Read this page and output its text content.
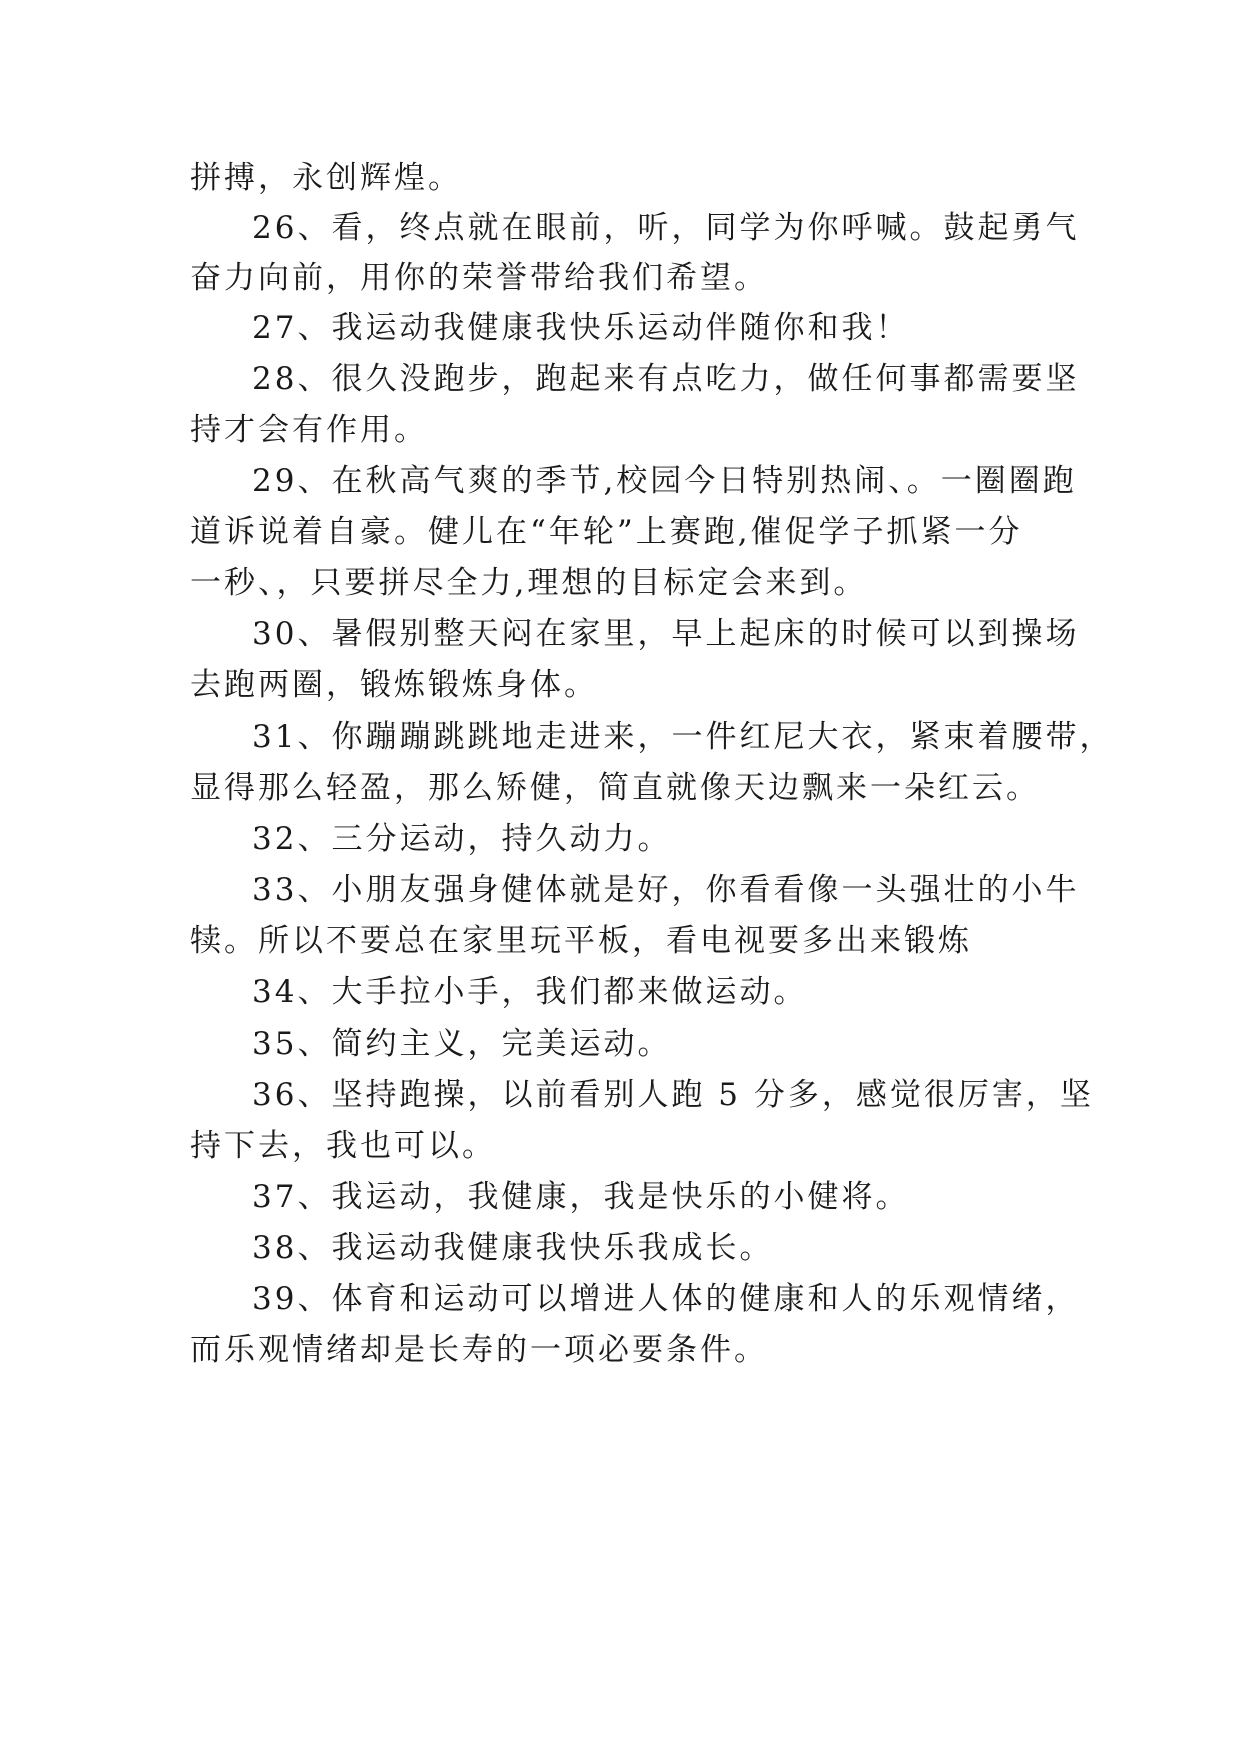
拼搏，永创辉煌。
26、看，终点就在眼前，听，同学为你呼喊。鼓起勇气
奋力向前，用你的荣誉带给我们希望。
27、我运动我健康我快乐运动伴随你和我！
28、很久没跑步，跑起来有点吃力，做任何事都需要坚
持才会有作用。
29、在秋高气爽的季节,校园今日特别热闹、。一圈圈跑
道诉说着自豪。健儿在“年轮”上赛跑,催促学子抓紧一分
一秒、，只要拼尽全力,理想的目标定会来到。
30、暑假别整天闷在家里，早上起床的时候可以到操场
去跑两圈，锻炼锻炼身体。
31、你蹦蹦跳跳地走进来，一件红尼大衣，紧束着腰带，
显得那么轻盈，那么矫健，简直就像天边飘来一朵红云。
32、三分运动，持久动力。
33、小朋友强身健体就是好，你看看像一头强壮的小牛
犊。所以不要总在家里玩平板，看电视要多出来锻炼
34、大手拉小手，我们都来做运动。
35、简约主义，完美运动。
36、坚持跑操，以前看别人跑 5 分多，感觉很厉害，坚
持下去，我也可以。
37、我运动，我健康，我是快乐的小健将。
38、我运动我健康我快乐我成长。
39、体育和运动可以增进人体的健康和人的乐观情绪，
而乐观情绪却是长寿的一项必要条件。
